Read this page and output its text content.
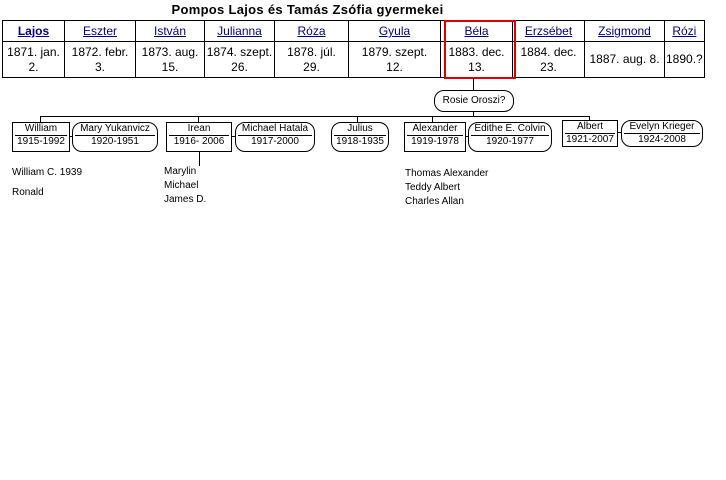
Pompos Lajos és Tamás Zsófia gyermekei
Lajos	Eszter	István	Julianna	Róza	Gyula	Béla	Erzsébet	Zsigmond	Rózi
1871. jan.
2.	1872. febr.
3.	1873. aug.
15.	1874. szept.
26.	1878. júl.
29.	1879. szept.
12.	1883. dec.
13.	1884. dec.
23.	1887. aug. 8.	1890.?

Rosie Oroszi?
William
1915-1992
Mary Yukanvicz
1920-1951
Irean
1916- 2006
Michael Hatala
1917-2000
Julius
1918-1935
Alexander
1919-1978
Edithe E. Colvin
1920-1977
Albert
1921-2007
Evelyn Krieger
1924-2008
William C. 1939
Ronald
Marylin
Michael
James D.
Thomas Alexander
Teddy Albert
Charles Allan
